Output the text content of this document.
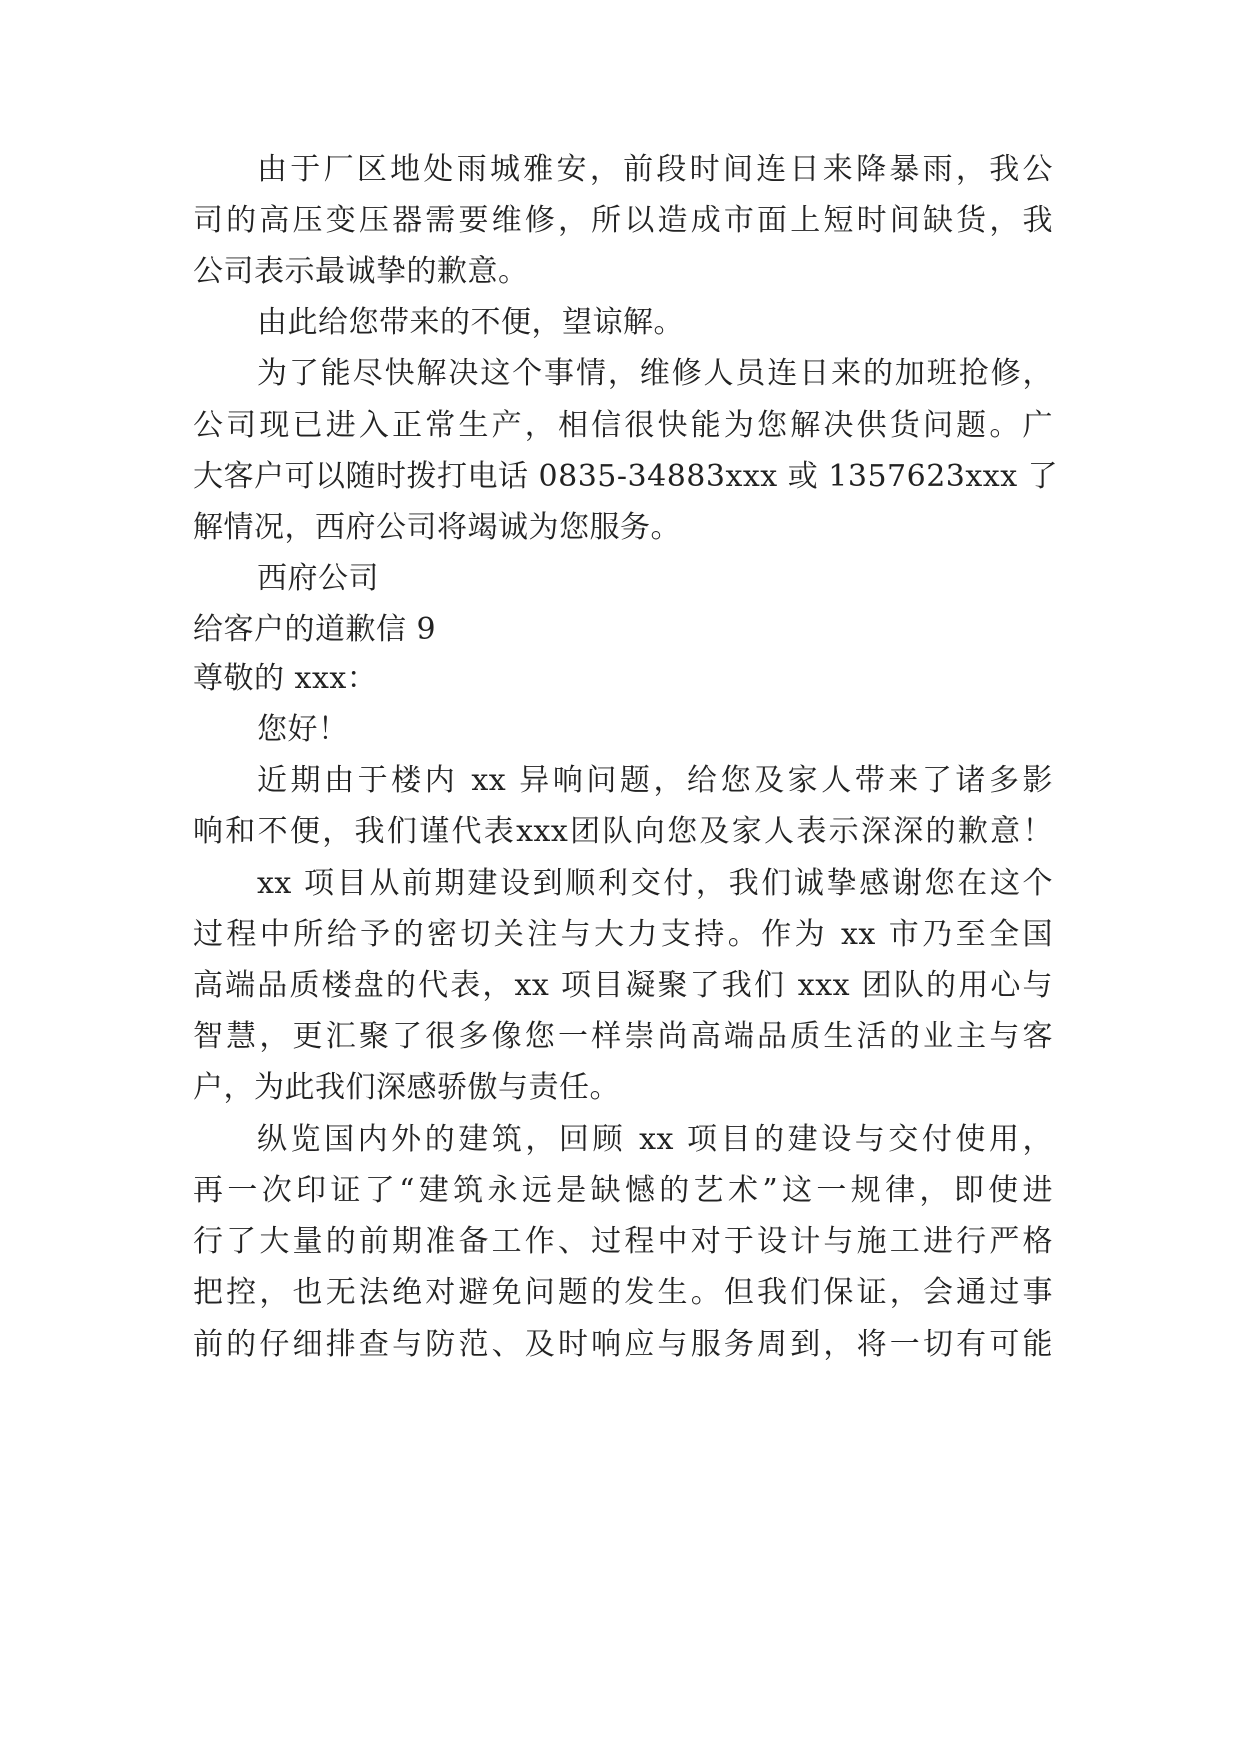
由于厂区地处雨城雅安，前段时间连日来降暴雨，我公
司的高压变压器需要维修，所以造成市面上短时间缺货，我
公司表示最诚挚的歉意。
由此给您带来的不便，望谅解。
为了能尽快解决这个事情，维修人员连日来的加班抢修，
公司现已进入正常生产，相信很快能为您解决供货问题。广
大客户可以随时拨打电话 0835-34883xxx 或 1357623xxx 了
解情况，西府公司将竭诚为您服务。
西府公司
给客户的道歉信 9
尊敬的 xxx：
您好！
近期由于楼内 xx 异响问题，给您及家人带来了诸多影
响和不便，我们谨代表xxx团队向您及家人表示深深的歉意！
xx 项目从前期建设到顺利交付，我们诚挚感谢您在这个
过程中所给予的密切关注与大力支持。作为 xx 市乃至全国
高端品质楼盘的代表，xx 项目凝聚了我们 xxx 团队的用心与
智慧，更汇聚了很多像您一样崇尚高端品质生活的业主与客
户，为此我们深感骄傲与责任。
纵览国内外的建筑，回顾 xx 项目的建设与交付使用，
再一次印证了“建筑永远是缺憾的艺术”这一规律，即使进
行了大量的前期准备工作、过程中对于设计与施工进行严格
把控，也无法绝对避免问题的发生。但我们保证，会通过事
前的仔细排查与防范、及时响应与服务周到，将一切有可能
